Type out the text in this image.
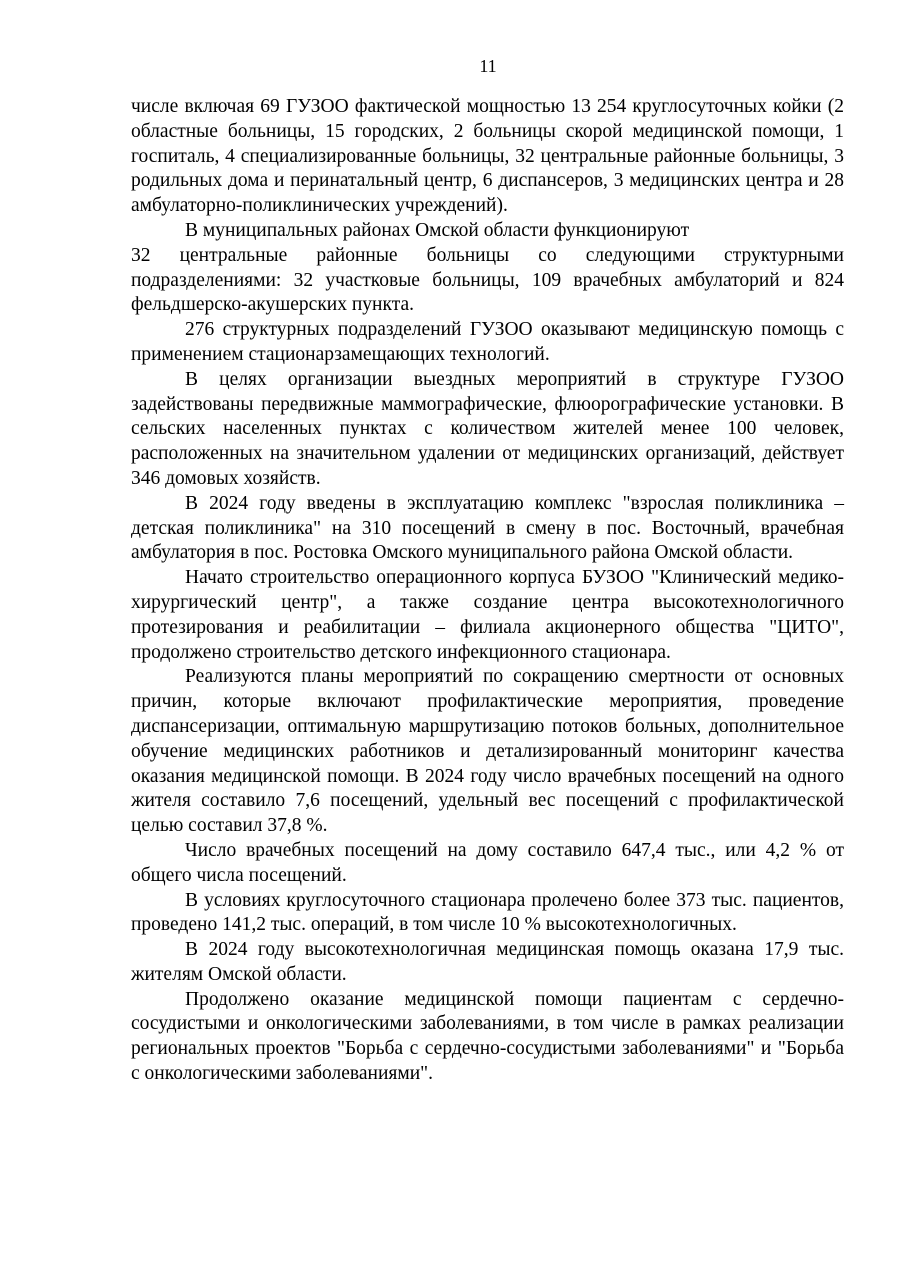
11

числе включая 69 ГУЗОО фактической мощностью 13 254 круглосуточных койки (2 областные больницы, 15 городских, 2 больницы скорой медицинской помощи, 1 госпиталь, 4 специализированные больницы, 32 центральные районные больницы, 3 родильных дома и перинатальный центр, 6 диспансеров, 3 медицинских центра и 28 амбулаторно-поликлинических учреждений).

В муниципальных районах Омской области функционируют
32 центральные районные больницы со следующими структурными подразделениями: 32 участковые больницы, 109 врачебных амбулаторий и 824 фельдшерско-акушерских пункта.

276 структурных подразделений ГУЗОО оказывают медицинскую помощь с применением стационарзамещающих технологий.

В целях организации выездных мероприятий в структуре ГУЗОО задействованы передвижные маммографические, флюорографические установки. В сельских населенных пунктах с количеством жителей менее 100 человек, расположенных на значительном удалении от медицинских организаций, действует 346 домовых хозяйств.

В 2024 году введены в эксплуатацию комплекс "взрослая поликлиника – детская поликлиника" на 310 посещений в смену в пос. Восточный, врачебная амбулатория в пос. Ростовка Омского муниципального района Омской области.

Начато строительство операционного корпуса БУЗОО "Клинический медико-хирургический центр", а также создание центра высокотехнологичного протезирования и реабилитации – филиала акционерного общества "ЦИТО", продолжено строительство детского инфекционного стационара.

Реализуются планы мероприятий по сокращению смертности от основных причин, которые включают профилактические мероприятия, проведение диспансеризации, оптимальную маршрутизацию потоков больных, дополнительное обучение медицинских работников и детализированный мониторинг качества оказания медицинской помощи. В 2024 году число врачебных посещений на одного жителя составило 7,6 посещений, удельный вес посещений с профилактической целью составил 37,8 %.

Число врачебных посещений на дому составило 647,4 тыс., или 4,2 % от общего числа посещений.

В условиях круглосуточного стационара пролечено более 373 тыс. пациентов, проведено 141,2 тыс. операций, в том числе 10 % высокотехнологичных.

В 2024 году высокотехнологичная медицинская помощь оказана 17,9 тыс. жителям Омской области.

Продолжено оказание медицинской помощи пациентам с сердечно-сосудистыми и онкологическими заболеваниями, в том числе в рамках реализации региональных проектов "Борьба с сердечно-сосудистыми заболеваниями" и "Борьба с онкологическими заболеваниями".
